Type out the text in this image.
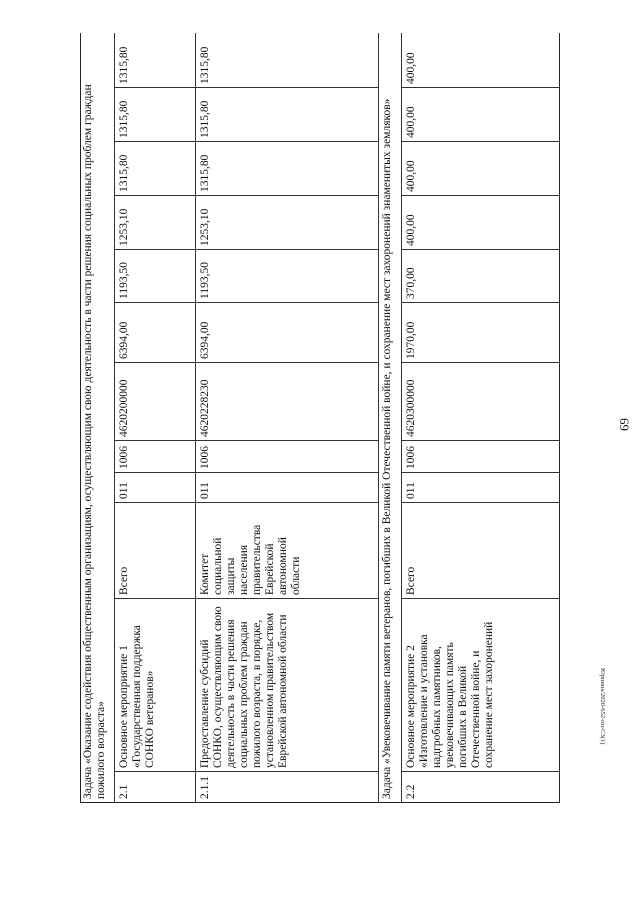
69
Юрпина/2020-652-пп-С3(1)
Задача «Оказание содействия общественным организациям, осуществляющим свою деятельность в части решения социальных проблем граждан пожилого возраста» 2.1
Основное мероприятие 1 «Государственная поддержка СОНКО ветеранов»
Всего
011
1006
4620200000
6394,00
1193,50
1253,10
1315,80
1315,80
1315,80
2.1.1
Предоставление субсидий СОНКО, осуществляющим свою деятельность в части решения социальных проблем граждан пожилого возраста, в порядке, установленном правительством Еврейской автономной области
Комитет социальной защиты населения правительства Еврейской автономной области
011
1006
4620228230
6394,00
1193,50
1253,10
1315,80
1315,80
1315,80
Задача «Увековечивание памяти ветеранов, погибших в Великой Отечественной войне, и сохранение мест захоронений знаменитых земляков»	2.2
Основное мероприятие 2 «Изготовление и установка надгробных памятников, увековечивающих память погибших в Великой Отечественной войне, и сохранение мест захоронений
Всего
011
1006
4620300000
1970,00
370,00
400,00
400,00
400,00
400,00
